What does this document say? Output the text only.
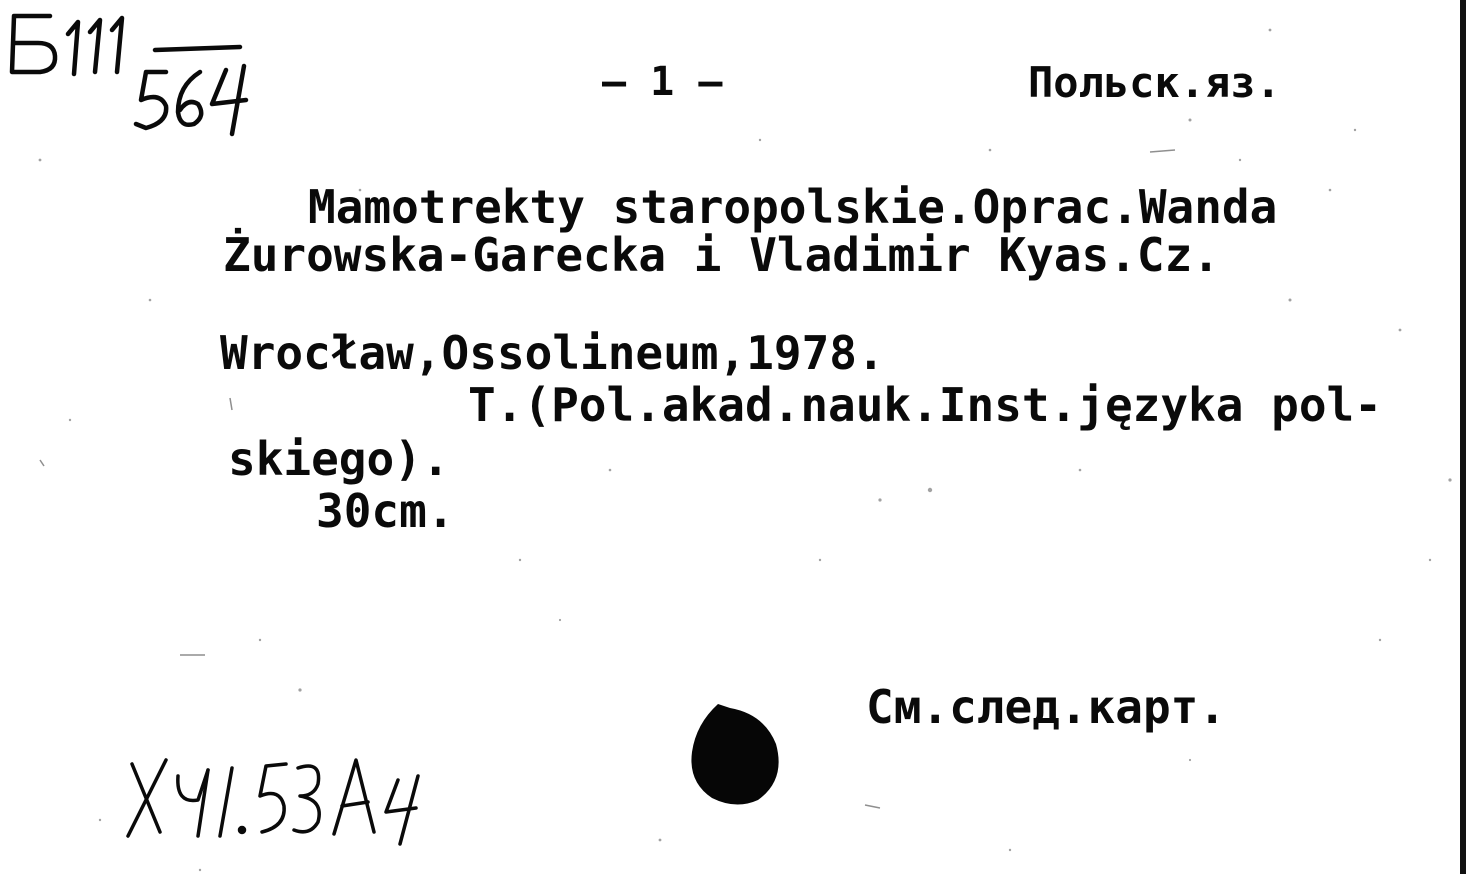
— 1 —	Польск.яз.
Mamotrekty staropolskie.Oprac.Wanda
Żurowska-Garecka i Vladimir Kyas.Cz.
Wrocław,Ossolineum,1978.
T.(Pol.akad.nauk.Inst.języka pol-
skiego).
30cm.
См.след.карт.
